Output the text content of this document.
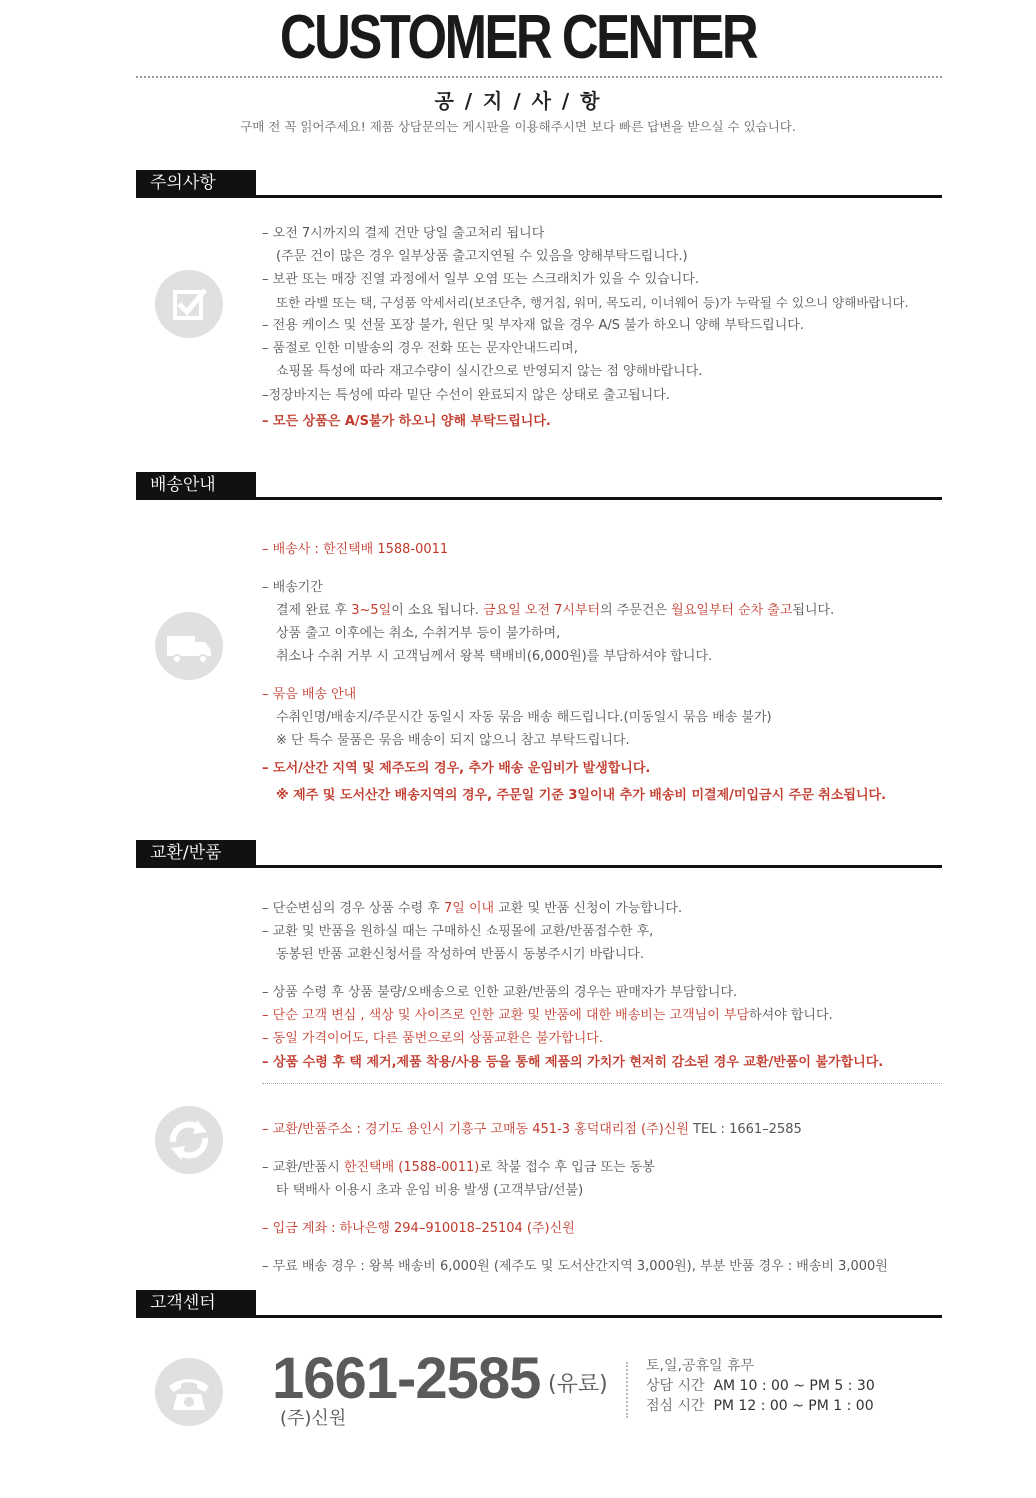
CUSTOMER CENTER
공 / 지 / 사 / 항
구매 전 꼭 읽어주세요! 제품 상담문의는 게시판을 이용해주시면 보다 빠른 답변을 받으실 수 있습니다.
주의사항
– 오전 7시까지의 결제 건만 당일 출고처리 됩니다
(주문 건이 많은 경우 일부상품 출고지연될 수 있음을 양해부탁드립니다.)
– 보관 또는 매장 진열 과정에서 일부 오염 또는 스크래치가 있을 수 있습니다.
또한 라벨 또는 택, 구성품 악세서리(보조단추, 행거칩, 워머, 목도리, 이너웨어 등)가 누락될 수 있으니 양해바랍니다.
– 전용 케이스 및 선물 포장 불가, 원단 및 부자재 없을 경우 A/S 불가 하오니 양해 부탁드립니다.
– 품절로 인한 미발송의 경우 전화 또는 문자안내드리며,
쇼핑몰 특성에 따라 재고수량이 실시간으로 반영되지 않는 점 양해바랍니다.
–정장바지는 특성에 따라 밑단 수선이 완료되지 않은 상태로 출고됩니다.
– 모든 상품은 A/S불가 하오니 양해 부탁드립니다.
배송안내
– 배송사 : 한진택배 1588-0011
– 배송기간
결제 완료 후 3~5일이 소요 됩니다. 금요일 오전 7시부터의 주문건은 월요일부터 순차 출고됩니다.
상품 출고 이후에는 취소, 수취거부 등이 불가하며,
취소나 수취 거부 시 고객님께서 왕복 택배비(6,000원)를 부담하셔야 합니다.
– 묶음 배송 안내
수취인명/배송지/주문시간 동일시 자동 묶음 배송 해드립니다.(미동일시 묶음 배송 불가)
※ 단 특수 물품은 묶음 배송이 되지 않으니 참고 부탁드립니다.
– 도서/산간 지역 및 제주도의 경우, 추가 배송 운임비가 발생합니다.
※ 제주 및 도서산간 배송지역의 경우, 주문일 기준 3일이내 추가 배송비 미결제/미입금시 주문 취소됩니다.
교환/반품
– 단순변심의 경우 상품 수령 후 7일 이내 교환 및 반품 신청이 가능합니다.
– 교환 및 반품을 원하실 때는 구매하신 쇼핑몰에 교환/반품접수한 후,
동봉된 반품 교환신청서를 작성하여 반품시 동봉주시기 바랍니다.
– 상품 수령 후 상품 불량/오배송으로 인한 교환/반품의 경우는 판매자가 부담합니다.
– 단순 고객 변심 , 색상 및 사이즈로 인한 교환 및 반품에 대한 배송비는 고객님이 부담하셔야 합니다.
– 동일 가격이어도, 다른 품번으로의 상품교환은 불가합니다.
– 상품 수령 후 택 제거,제품 착용/사용 등을 통해 제품의 가치가 현저히 감소된 경우 교환/반품이 불가합니다.
– 교환/반품주소 : 경기도 용인시 기흥구 고매동 451-3 홍덕대리점 (주)신원 TEL : 1661–2585
– 교환/반품시 한진택배 (1588-0011)로 착불 접수 후 입금 또는 동봉
타 택배사 이용시 초과 운임 비용 발생 (고객부담/선불)
– 입금 계좌 : 하나은행 294–910018–25104 (주)신원
– 무료 배송 경우 : 왕복 배송비 6,000원 (제주도 및 도서산간지역 3,000원), 부분 반품 경우 : 배송비 3,000원
고객센터
1661-2585 (유료)
(주)신원
토,일,공휴일 휴무
상담 시간 AM 10 : 00 ~ PM 5 : 30
점심 시간 PM 12 : 00 ~ PM 1 : 00
